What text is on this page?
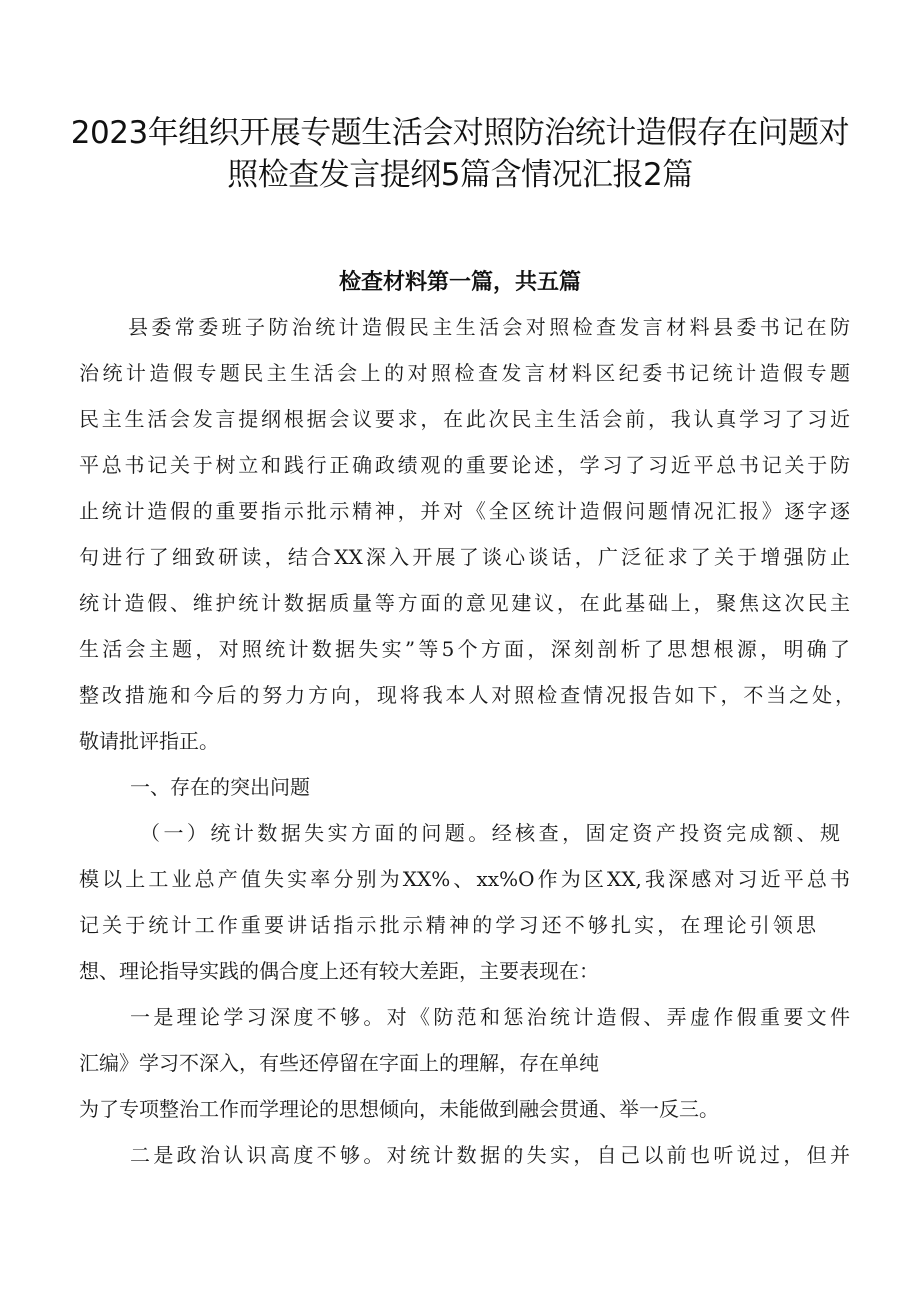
2023年组织开展专题生活会对照防治统计造假存在问题对
照检查发言提纲5篇含情况汇报2篇
检查材料第一篇，共五篇
县委常委班子防治统计造假民主生活会对照检查发言材料县委书记在防
治统计造假专题民主生活会上的对照检查发言材料区纪委书记统计造假专题
民主生活会发言提纲根据会议要求，在此次民主生活会前，我认真学习了习近
平总书记关于树立和践行正确政绩观的重要论述，学习了习近平总书记关于防
止统计造假的重要指示批示精神，并对《全区统计造假问题情况汇报》逐字逐
句进行了细致研读，结合XX深入开展了谈心谈话，广泛征求了关于增强防止
统计造假、维护统计数据质量等方面的意见建议，在此基础上，聚焦这次民主
生活会主题，对照统计数据失实”等5个方面，深刻剖析了思想根源，明确了
整改措施和今后的努力方向，现将我本人对照检查情况报告如下，不当之处，
敬请批评指正。
一、存在的突出问题
（一）统计数据失实方面的问题。经核查，固定资产投资完成额、规
模以上工业总产值失实率分别为XX%、xx%O作为区XX,我深感对习近平总书
记关于统计工作重要讲话指示批示精神的学习还不够扎实，在理论引领思
想、理论指导实践的偶合度上还有较大差距，主要表现在：
一是理论学习深度不够。对《防范和惩治统计造假、弄虚作假重要文件
汇编》学习不深入，有些还停留在字面上的理解，存在单纯
为了专项整治工作而学理论的思想倾向，未能做到融会贯通、举一反三。
二是政治认识高度不够。对统计数据的失实，自己以前也听说过，但并
